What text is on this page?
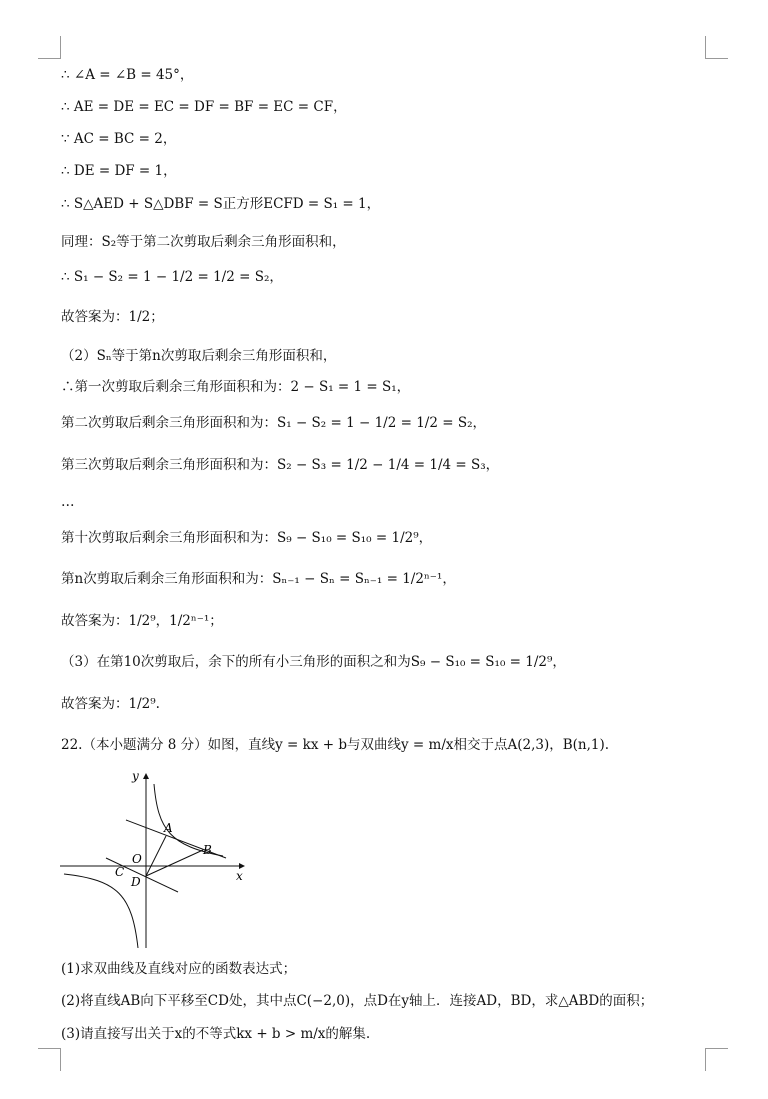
∴ ∠A = ∠B = 45°，
∴ AE = DE = EC = DF = BF = EC = CF，
∵ AC = BC = 2，
∴ DE = DF = 1，
∴ S△AED + S△DBF = S正方形ECFD = S₁ = 1，
同理：S₂等于第二次剪取后剩余三角形面积和，
∴ S₁ − S₂ = 1 − 1/2 = 1/2 = S₂，
故答案为：1/2；
（2）Sₙ等于第n次剪取后剩余三角形面积和，
∴第一次剪取后剩余三角形面积和为：2 − S₁ = 1 = S₁，
第二次剪取后剩余三角形面积和为：S₁ − S₂ = 1 − 1/2 = 1/2 = S₂，
第三次剪取后剩余三角形面积和为：S₂ − S₃ = 1/2 − 1/4 = 1/4 = S₃，
…
第十次剪取后剩余三角形面积和为：S₉ − S₁₀ = S₁₀ = 1/2⁹，
第n次剪取后剩余三角形面积和为：Sₙ₋₁ − Sₙ = Sₙ₋₁ = 1/2ⁿ⁻¹，
故答案为：1/2⁹，1/2ⁿ⁻¹；
（3）在第10次剪取后，余下的所有小三角形的面积之和为S₉ − S₁₀ = S₁₀ = 1/2⁹，
故答案为：1/2⁹.
22.（本小题满分 8 分）如图，直线y = kx + b与双曲线y = m/x相交于点A(2,3)，B(n,1).
(1)求双曲线及直线对应的函数表达式；
(2)将直线AB向下平移至CD处，其中点C(−2,0)，点D在y轴上．连接AD，BD，求△ABD的面积；
(3)请直接写出关于x的不等式kx + b > m/x的解集.
y
x
A
B
O
C
D
